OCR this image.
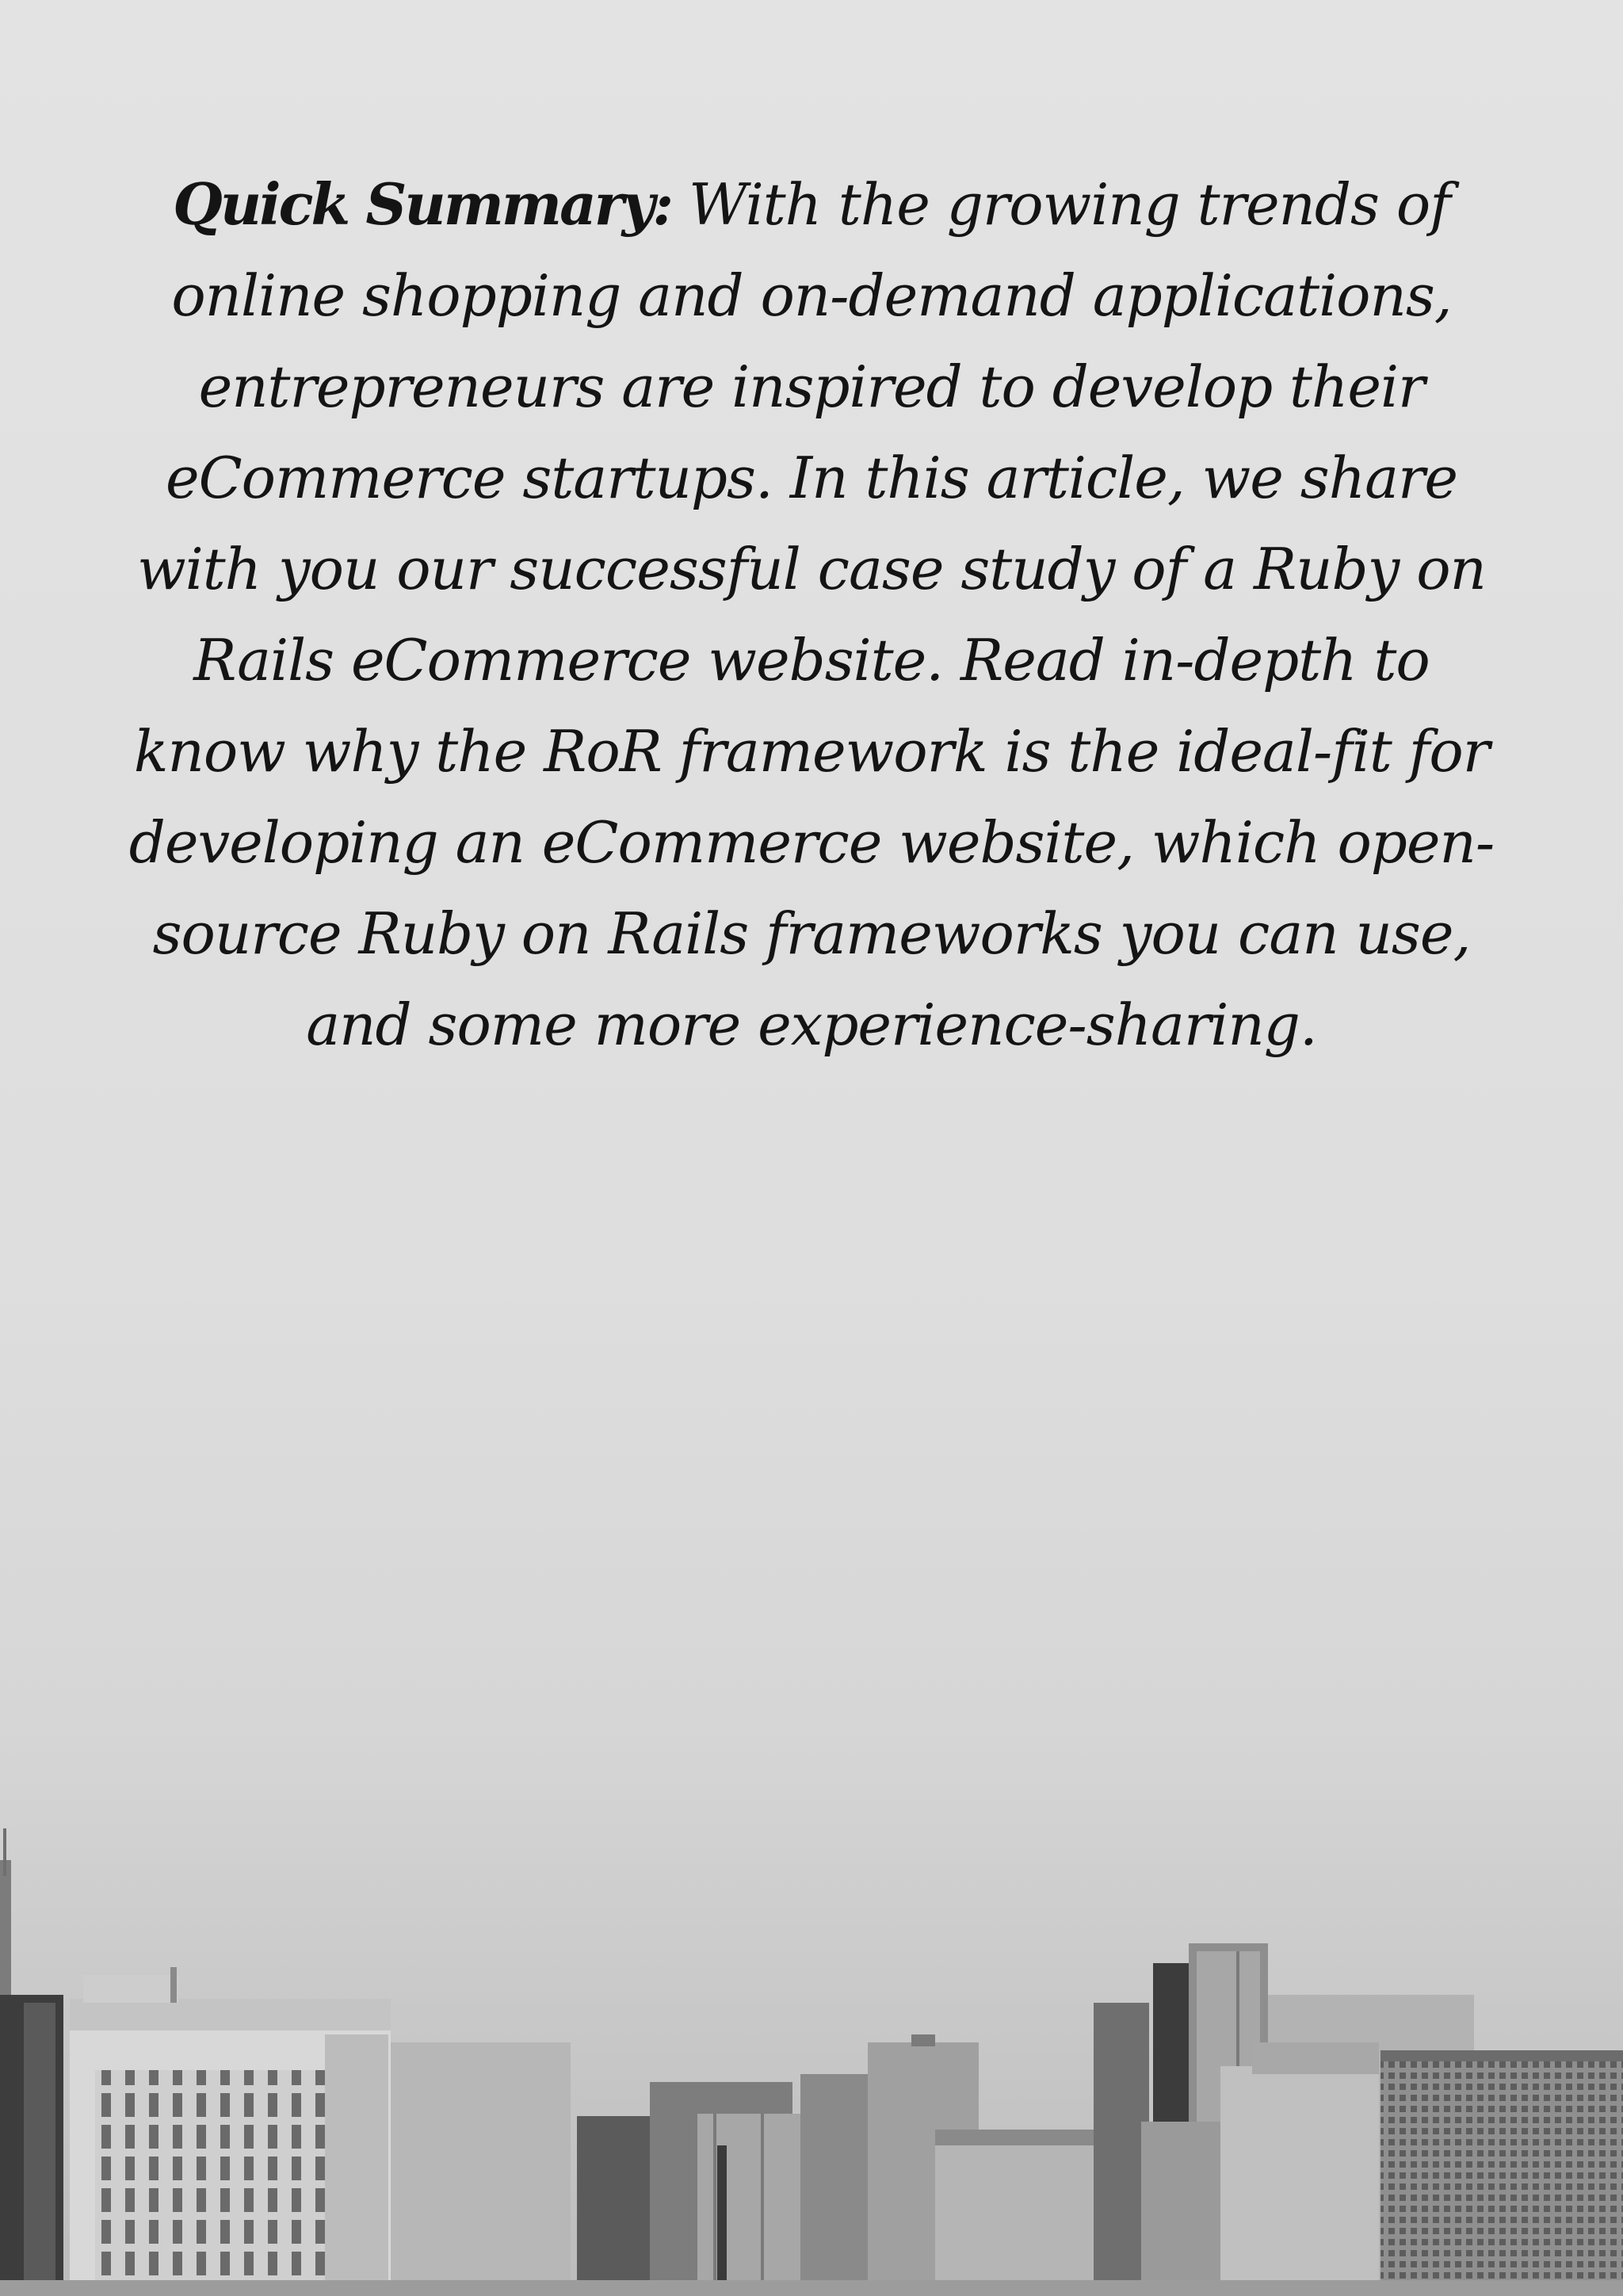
Quick Summary: With the growing trends of online shopping and on-demand applications, entrepreneurs are inspired to develop their eCommerce startups. In this article, we share with you our successful case study of a Ruby on Rails eCommerce website. Read in-depth to know why the RoR framework is the ideal-fit for developing an eCommerce website, which open-source Ruby on Rails frameworks you can use, and some more experience-sharing.
